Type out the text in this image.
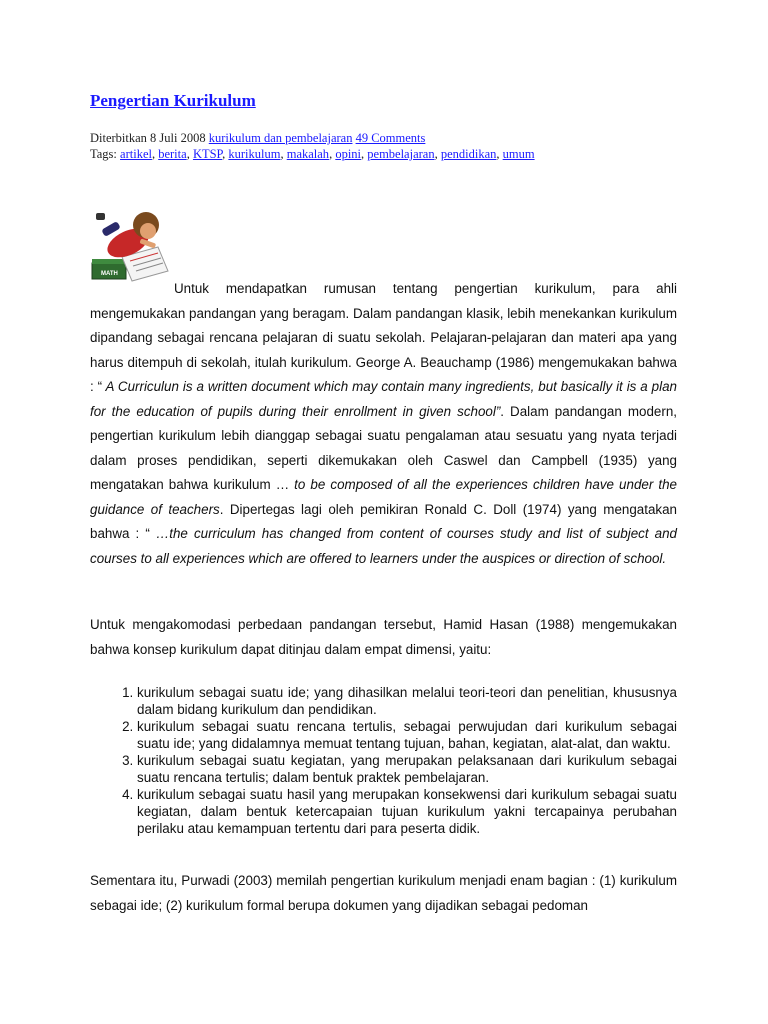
Pengertian Kurikulum
Diterbitkan 8 Juli 2008 kurikulum dan pembelajaran 49 Comments
Tags: artikel, berita, KTSP, kurikulum, makalah, opini, pembelajaran, pendidikan, umum
MATH
Untuk mendapatkan rumusan tentang pengertian kurikulum, para ahli mengemukakan pandangan yang beragam. Dalam pandangan klasik, lebih menekankan kurikulum dipandang sebagai rencana pelajaran di suatu sekolah. Pelajaran-pelajaran dan materi apa yang harus ditempuh di sekolah, itulah kurikulum. George A. Beauchamp (1986) mengemukakan bahwa : “ A Curriculun is a written document which may contain many ingredients, but basically it is a plan for the education of pupils during their enrollment in given school”. Dalam pandangan modern, pengertian kurikulum lebih dianggap sebagai suatu pengalaman atau sesuatu yang nyata terjadi dalam proses pendidikan, seperti dikemukakan oleh Caswel dan Campbell (1935) yang mengatakan bahwa kurikulum … to be composed of all the experiences children have under the guidance of teachers. Dipertegas lagi oleh pemikiran Ronald C. Doll (1974) yang mengatakan bahwa : “ …the curriculum has changed from content of courses study and list of subject and courses to all experiences which are offered to learners under the auspices or direction of school.

Untuk mengakomodasi perbedaan pandangan tersebut, Hamid Hasan (1988) mengemukakan bahwa konsep kurikulum dapat ditinjau dalam empat dimensi, yaitu:

1. kurikulum sebagai suatu ide; yang dihasilkan melalui teori-teori dan penelitian, khususnya dalam bidang kurikulum dan pendidikan.
2. kurikulum sebagai suatu rencana tertulis, sebagai perwujudan dari kurikulum sebagai suatu ide; yang didalamnya memuat tentang tujuan, bahan, kegiatan, alat-alat, dan waktu.
3. kurikulum sebagai suatu kegiatan, yang merupakan pelaksanaan dari kurikulum sebagai suatu rencana tertulis; dalam bentuk praktek pembelajaran.
4. kurikulum sebagai suatu hasil yang merupakan konsekwensi dari kurikulum sebagai suatu kegiatan, dalam bentuk ketercapaian tujuan kurikulum yakni tercapainya perubahan perilaku atau kemampuan tertentu dari para peserta didik.

Sementara itu, Purwadi (2003) memilah pengertian kurikulum menjadi enam bagian : (1) kurikulum sebagai ide; (2) kurikulum formal berupa dokumen yang dijadikan sebagai pedoman
